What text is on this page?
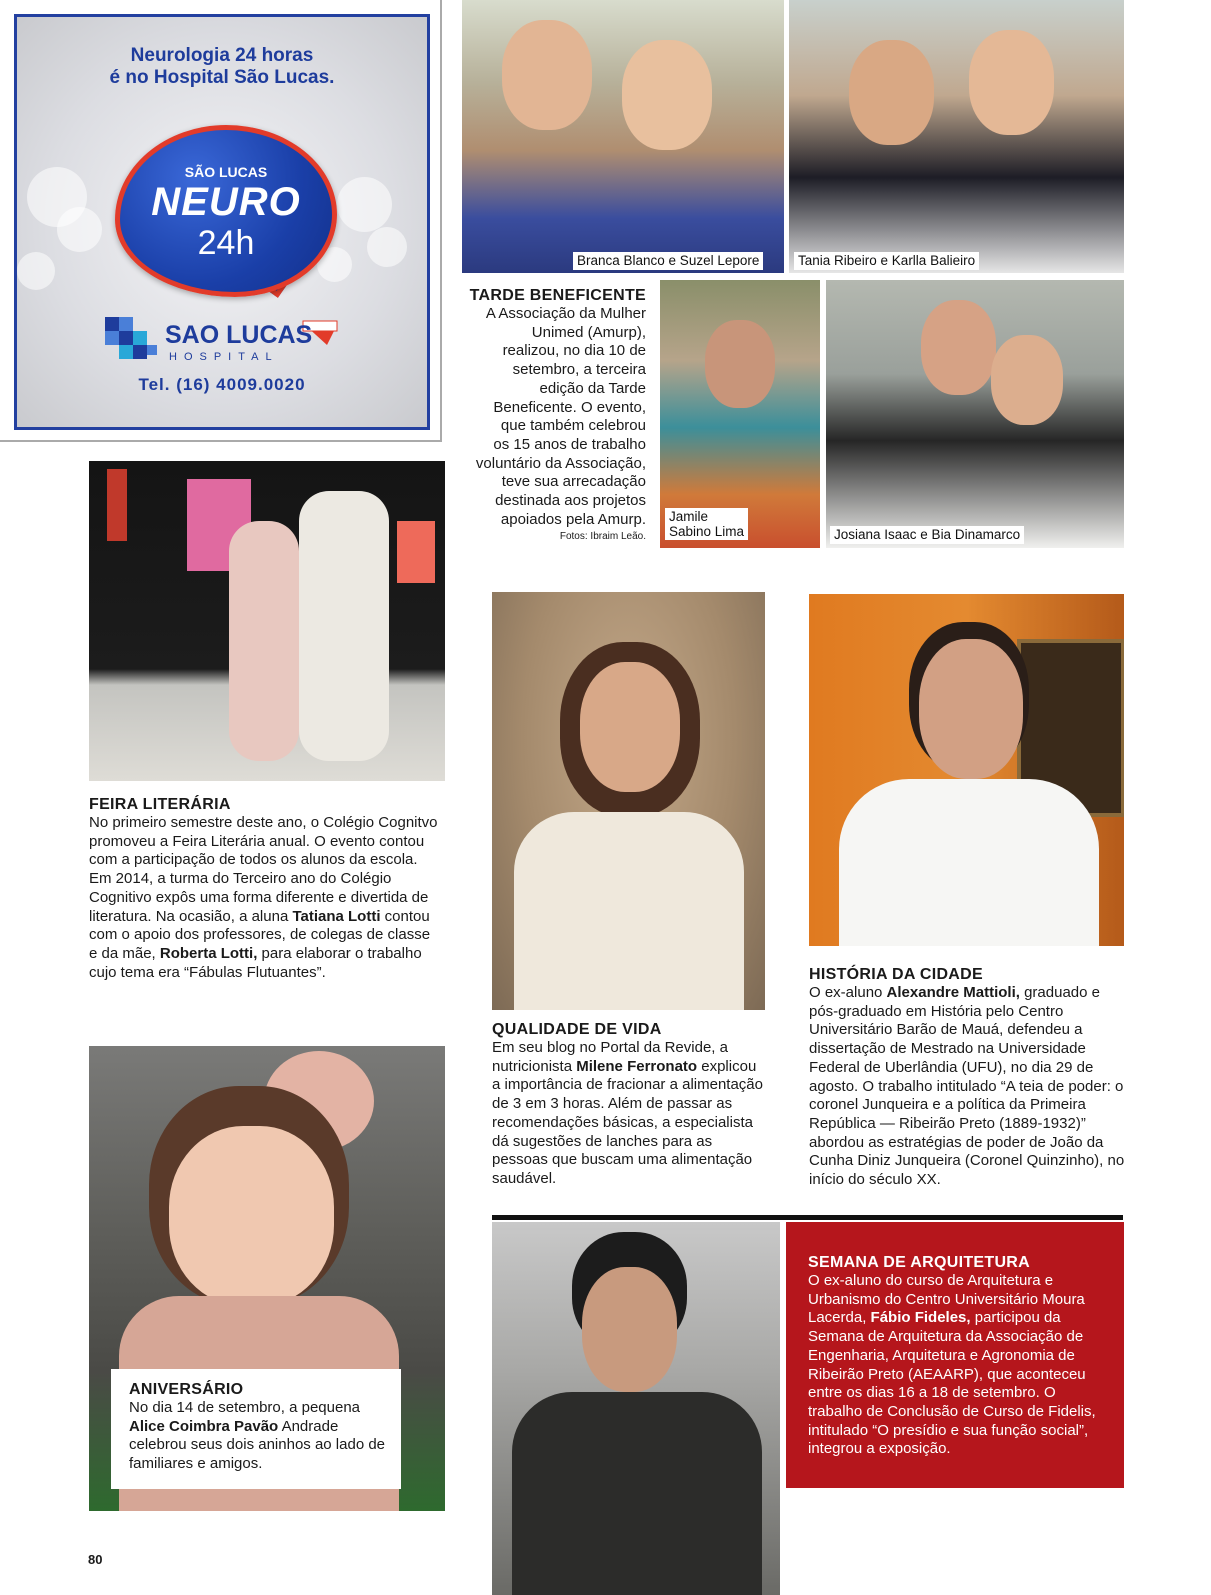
Neurologia 24 horas
é no Hospital São Lucas.
SÃO LUCAS
NEURO
24h
SAO LUCAS
HOSPITAL
Tel. (16) 4009.0020
Branca Blanco e Suzel Lepore	Tania Ribeiro e Karlla Balieiro

TARDE BENEFICENTE

A Associação da Mulher
Unimed (Amurp),
realizou, no dia 10 de
setembro, a terceira
edição da Tarde
Beneficente. O evento,
que também celebrou
os 15 anos de trabalho
voluntário da Associação,
teve sua arrecadação
destinada aos projetos
apoiados pela Amurp.

Fotos: Ibraim Leão.
Jamile
Sabino Lima	Josiana Isaac e Bia Dinamarco

FEIRA LITERÁRIA

No primeiro semestre deste ano, o Colégio Cognitvo promoveu a Feira Literária anual. O evento contou com a participação de todos os alunos da escola. Em 2014, a turma do Terceiro ano do Colégio Cognitivo expôs uma forma diferente e divertida de literatura. Na ocasião, a aluna Tatiana Lotti contou com o apoio dos professores, de colegas de classe e da mãe, Roberta Lotti, para elaborar o trabalho cujo tema era “Fábulas Flutuantes”.

QUALIDADE DE VIDA

Em seu blog no Portal da Revide, a nutricionista Milene Ferronato explicou a importância de fracionar a alimentação de 3 em 3 horas. Além de passar as recomendações básicas, a especialista dá sugestões de lanches para as pessoas que buscam uma alimentação saudável.

HISTÓRIA DA CIDADE

O ex-aluno Alexandre Mattioli, graduado e pós-graduado em História pelo Centro Universitário Barão de Mauá, defendeu a dissertação de Mestrado na Universidade Federal de Uberlândia (UFU), no dia 29 de agosto. O trabalho intitulado “A teia de poder: o coronel Junqueira e a política da Primeira República — Ribeirão Preto (1889-1932)” abordou as estratégias de poder de João da Cunha Diniz Junqueira (Coronel Quinzinho), no início do século XX.

ANIVERSÁRIO

No dia 14 de setembro, a pequena Alice Coimbra Pavão Andrade celebrou seus dois aninhos ao lado de familiares e amigos.

SEMANA DE ARQUITETURA

O ex-aluno do curso de Arquitetura e Urbanismo do Centro Universitário Moura Lacerda, Fábio Fideles, participou da Semana de Arquitetura da Associação de Engenharia, Arquitetura e Agronomia de Ribeirão Preto (AEAARP), que aconteceu entre os dias 16 a 18 de setembro. O trabalho de Conclusão de Curso de Fidelis, intitulado “O presídio e sua função social”, integrou a exposição.

80
